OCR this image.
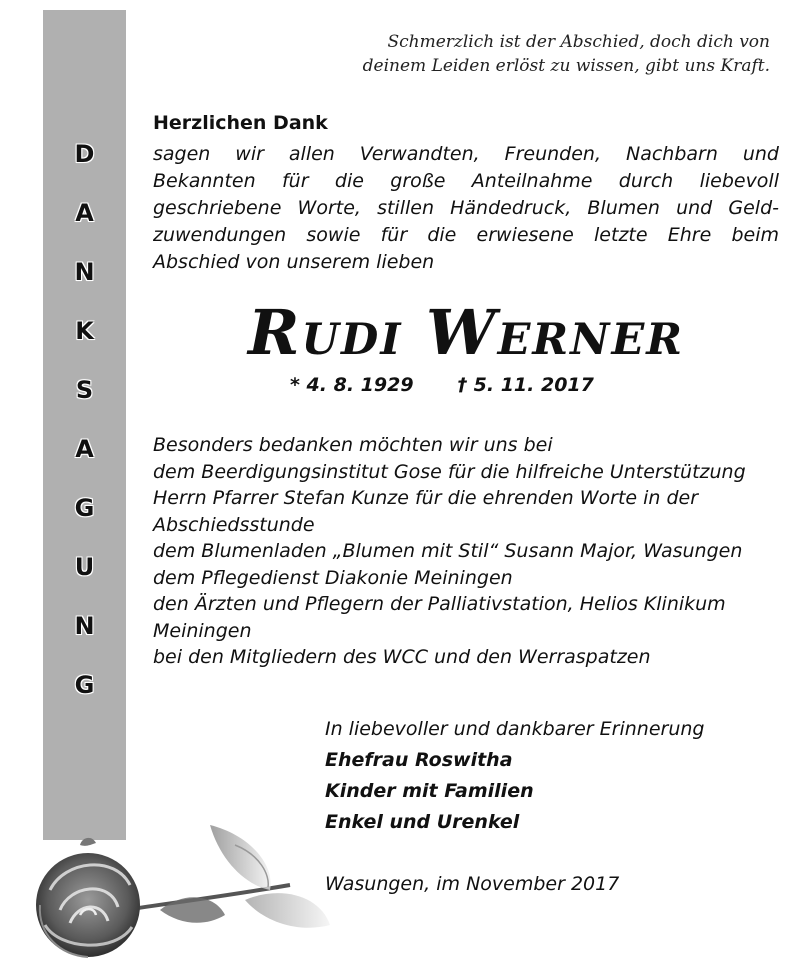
D
A
N
K
S
A
G
U
N
G
Schmerzlich ist der Abschied, doch dich von
deinem Leiden erlöst zu wissen, gibt uns Kraft.
Herzlichen Dank
sagen wir allen Verwandten, Freunden, Nachbarn und
Bekannten für die große Anteilnahme durch liebevoll
geschriebene Worte, stillen Händedruck, Blumen und Geld-
zuwendungen sowie für die erwiesene letzte Ehre beim
Abschied von unserem lieben
Rudi Werner
* 4. 8. 1929 † 5. 11. 2017
Besonders bedanken möchten wir uns bei
dem Beerdigungsinstitut Gose für die hilfreiche Unterstützung
Herrn Pfarrer Stefan Kunze für die ehrenden Worte in der
Abschiedsstunde
dem Blumenladen „Blumen mit Stil“ Susann Major, Wasungen
dem Pflegedienst Diakonie Meiningen
den Ärzten und Pflegern der Palliativstation, Helios Klinikum
Meiningen
bei den Mitgliedern des WCC und den Werraspatzen
In liebevoller und dankbarer Erinnerung
Ehefrau Roswitha
Kinder mit Familien
Enkel und Urenkel
Wasungen, im November 2017
